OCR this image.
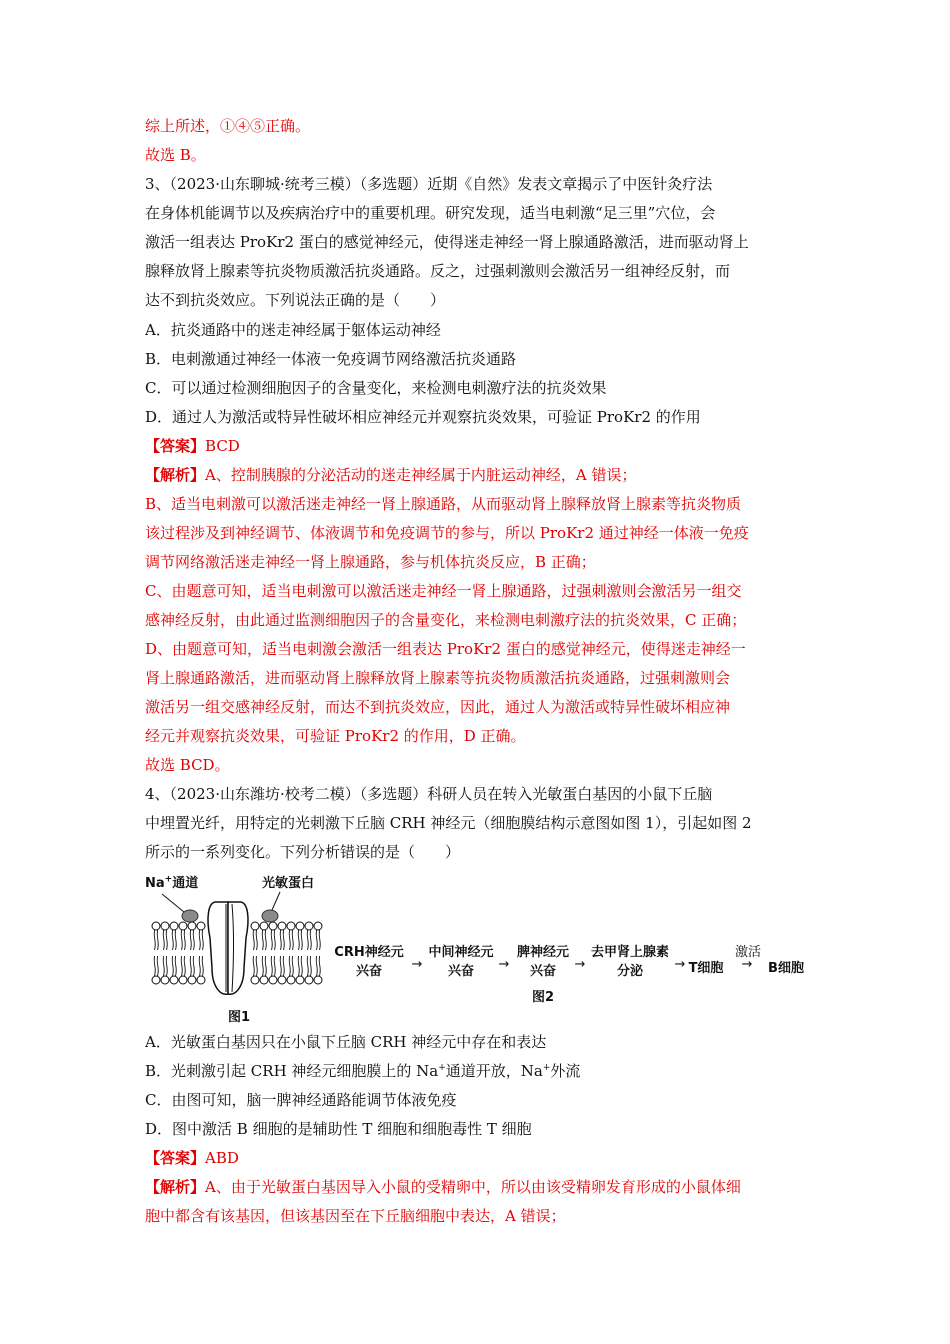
综上所述，①④⑤正确。
故选 B。
3、（2023·山东聊城·统考三模）（多选题）近期《自然》发表文章揭示了中医针灸疗法
在身体机能调节以及疾病治疗中的重要机理。研究发现，适当电刺激“足三里”穴位，会
激活一组表达 ProKr2 蛋白的感觉神经元，使得迷走神经一肾上腺通路激活，进而驱动肾上
腺释放肾上腺素等抗炎物质激活抗炎通路。反之，过强刺激则会激活另一组神经反射，而
达不到抗炎效应。下列说法正确的是（　　）
A．抗炎通路中的迷走神经属于躯体运动神经
B．电刺激通过神经一体液一免疫调节网络激活抗炎通路
C．可以通过检测细胞因子的含量变化，来检测电刺激疗法的抗炎效果
D．通过人为激活或特异性破坏相应神经元并观察抗炎效果，可验证 ProKr2 的作用
【答案】BCD
【解析】A、控制胰腺的分泌活动的迷走神经属于内脏运动神经，A 错误；
B、适当电刺激可以激活迷走神经一肾上腺通路，从而驱动肾上腺释放肾上腺素等抗炎物质
该过程涉及到神经调节、体液调节和免疫调节的参与，所以 ProKr2 通过神经一体液一免疫
调节网络激活迷走神经一肾上腺通路，参与机体抗炎反应，B 正确；
C、由题意可知，适当电刺激可以激活迷走神经一肾上腺通路，过强刺激则会激活另一组交
感神经反射，由此通过监测细胞因子的含量变化，来检测电刺激疗法的抗炎效果，C 正确；
D、由题意可知，适当电刺激会激活一组表达 ProKr2 蛋白的感觉神经元，使得迷走神经一
肾上腺通路激活，进而驱动肾上腺释放肾上腺素等抗炎物质激活抗炎通路，过强刺激则会
激活另一组交感神经反射，而达不到抗炎效应，因此，通过人为激活或特异性破坏相应神
经元并观察抗炎效果，可验证 ProKr2 的作用，D 正确。
故选 BCD。
4、（2023·山东潍坊·校考二模）（多选题）科研人员在转入光敏蛋白基因的小鼠下丘脑
中埋置光纤，用特定的光刺激下丘脑 CRH 神经元（细胞膜结构示意图如图 1），引起如图 2
所示的一系列变化。下列分析错误的是（　　）
Na+通道	光敏蛋白
图1
CRH神经元
兴奋	→
中间神经元
兴奋	→
脾神经元
兴奋	→
去甲肾上腺素
分泌	→ T细胞
激活
→	B细胞
图2
A．光敏蛋白基因只在小鼠下丘脑 CRH 神经元中存在和表达
B．光刺激引起 CRH 神经元细胞膜上的 Na+通道开放，Na+外流
C．由图可知，脑一脾神经通路能调节体液免疫
D．图中激活 B 细胞的是辅助性 T 细胞和细胞毒性 T 细胞
【答案】ABD
【解析】A、由于光敏蛋白基因导入小鼠的受精卵中，所以由该受精卵发育形成的小鼠体细
胞中都含有该基因，但该基因至在下丘脑细胞中表达，A 错误；
